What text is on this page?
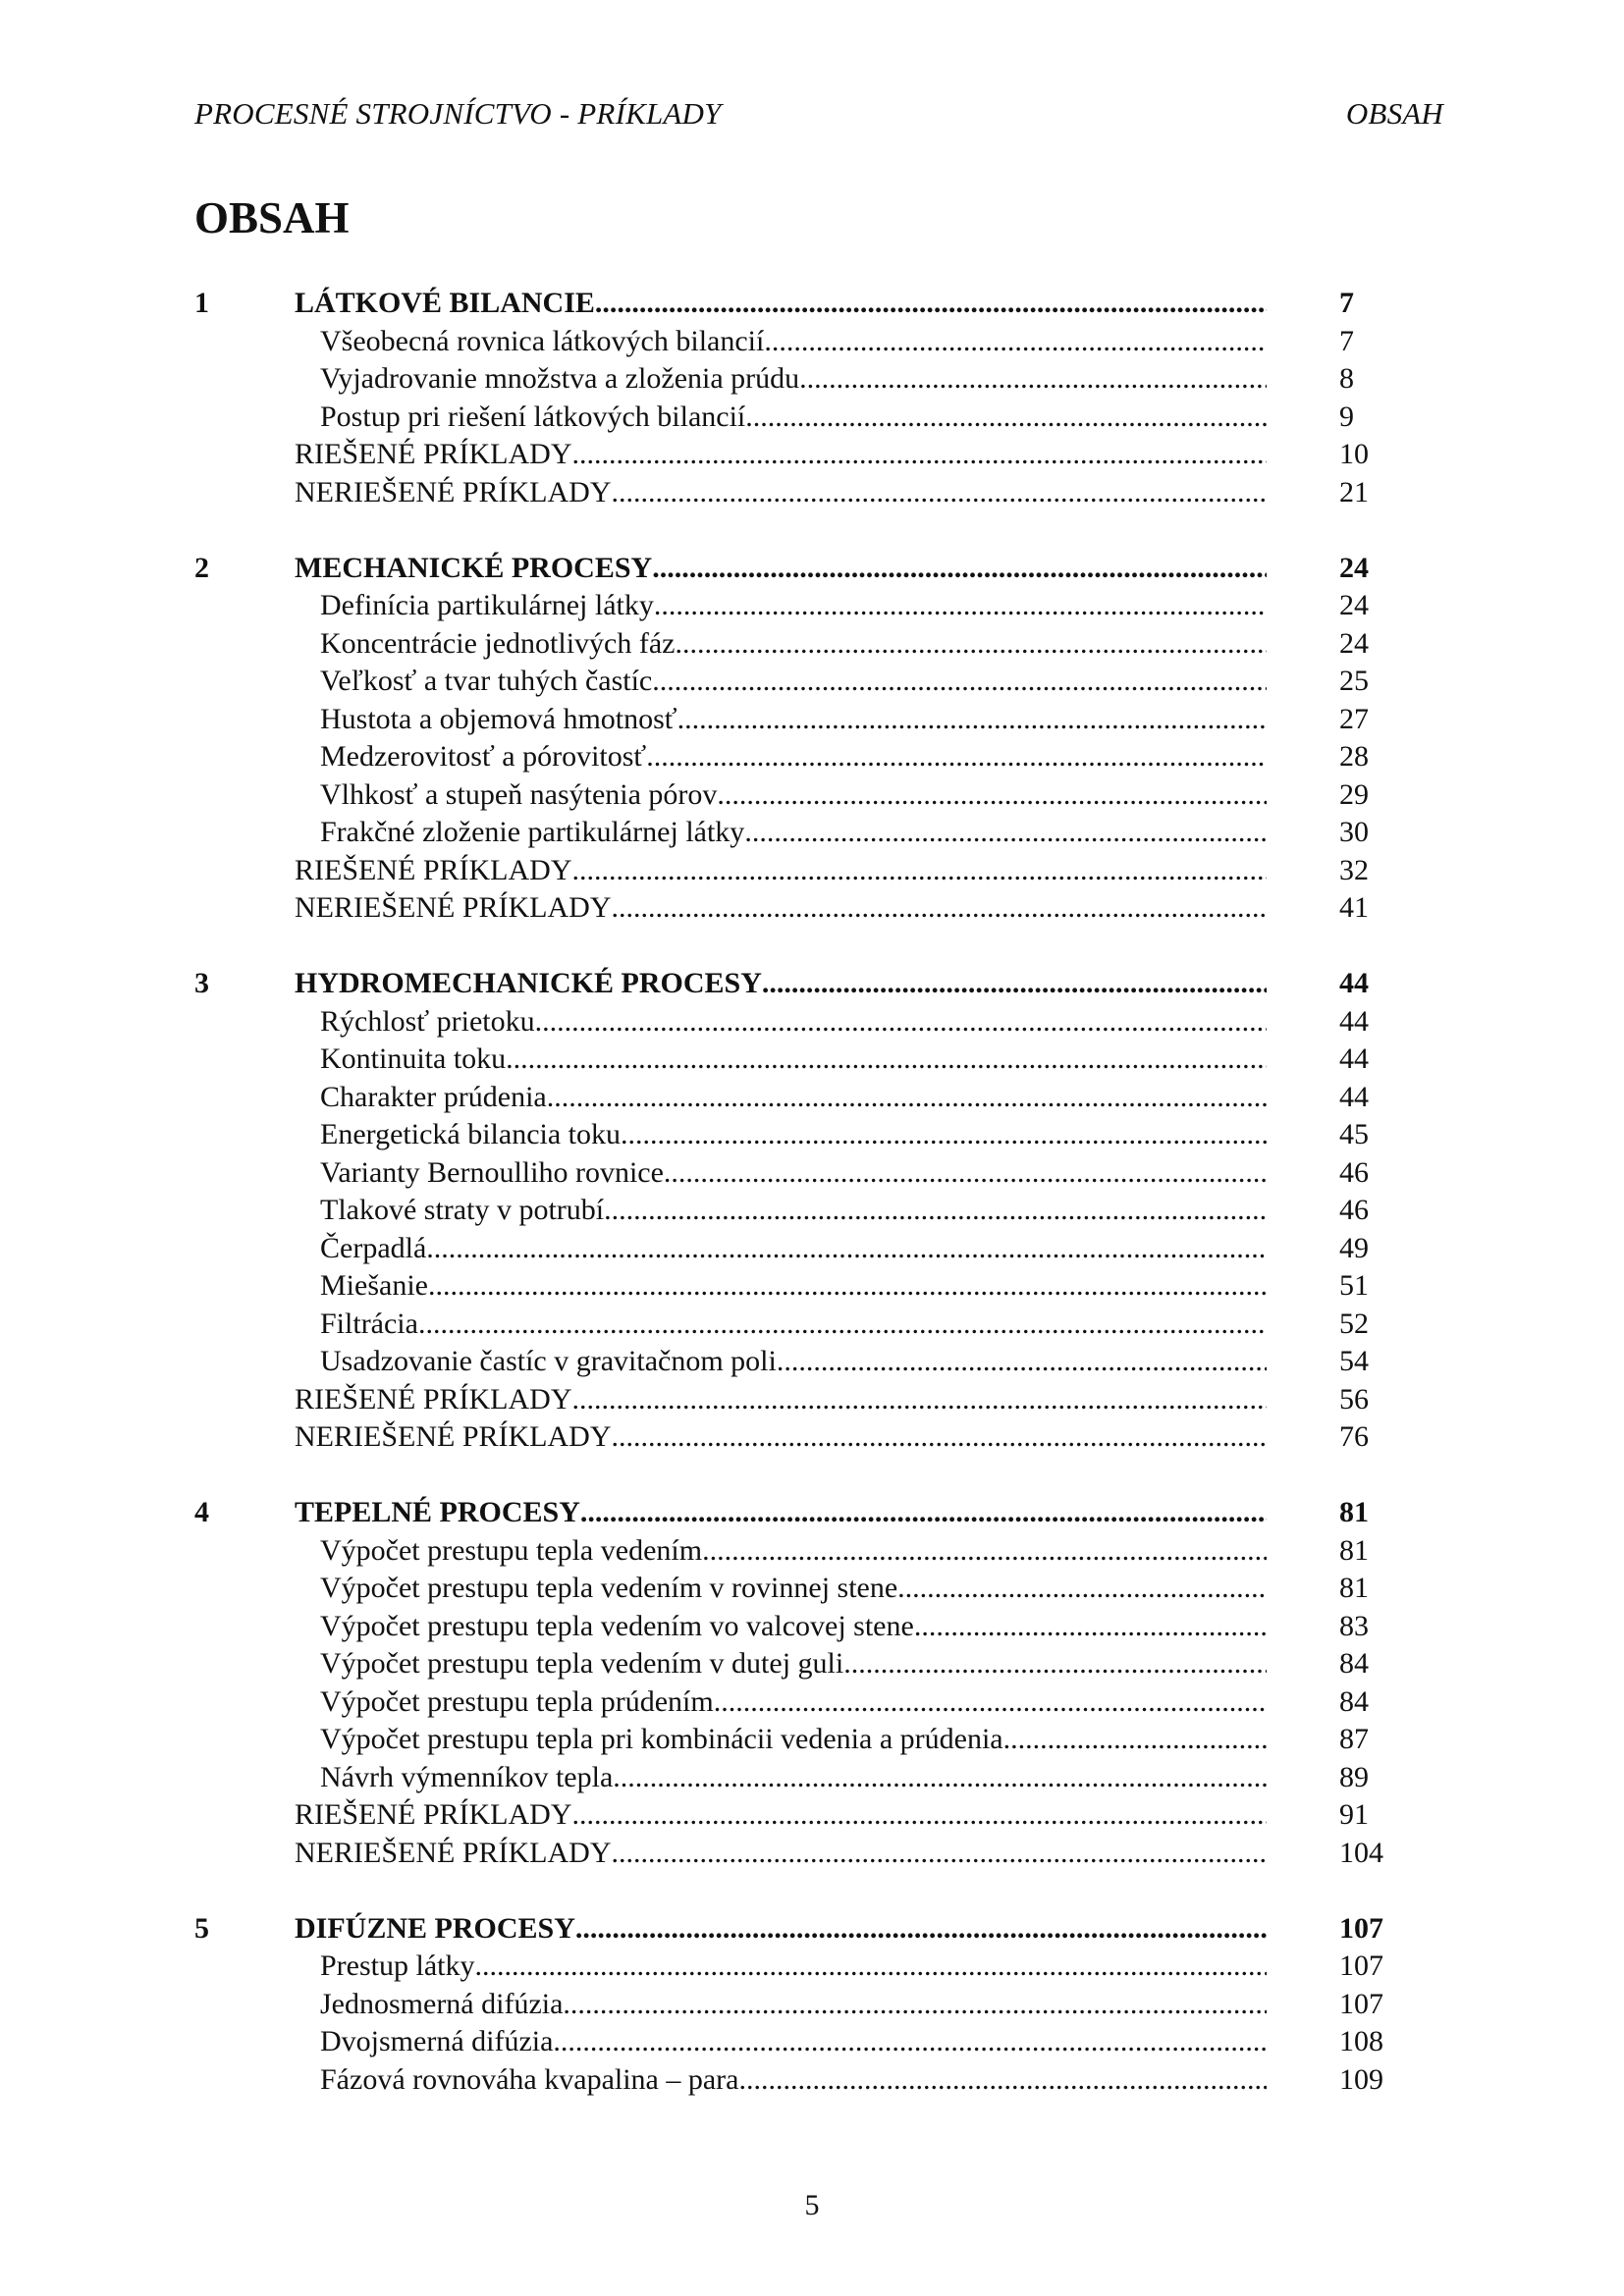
PROCESNÉ STROJNÍCTVO - PRÍKLADY	OBSAH
OBSAH
1	LÁTKOVÉ BILANCIE .....	7
Všeobecná rovnica látkových bilancií .....	7
Vyjadrovanie množstva a zloženia prúdu .....	8
Postup pri riešení látkových bilancií .....	9
RIEŠENÉ PRÍKLADY .....	10
NERIEŠENÉ PRÍKLADY .....	21
2	MECHANICKÉ PROCESY .....	24
Definícia partikulárnej látky .....	24
Koncentrácie jednotlivých fáz .....	24
Veľkosť a tvar tuhých častíc .....	25
Hustota a objemová hmotnosť .....	27
Medzerovitosť a pórovitosť .....	28
Vlhkosť a stupeň nasýtenia pórov .....	29
Frakčné zloženie partikulárnej látky .....	30
RIEŠENÉ PRÍKLADY .....	32
NERIEŠENÉ PRÍKLADY .....	41
3	HYDROMECHANICKÉ PROCESY .....	44
Rýchlosť prietoku .....	44
Kontinuita toku .....	44
Charakter prúdenia .....	44
Energetická bilancia toku .....	45
Varianty Bernoulliho rovnice .....	46
Tlakové straty v potrubí .....	46
Čerpadlá .....	49
Miešanie .....	51
Filtrácia .....	52
Usadzovanie častíc v gravitačnom poli .....	54
RIEŠENÉ PRÍKLADY .....	56
NERIEŠENÉ PRÍKLADY .....	76
4	TEPELNÉ PROCESY .....	81
Výpočet prestupu tepla vedením .....	81
Výpočet prestupu tepla vedením v rovinnej stene .....	81
Výpočet prestupu tepla vedením vo valcovej stene .....	83
Výpočet prestupu tepla vedením v dutej guli .....	84
Výpočet prestupu tepla prúdením .....	84
Výpočet prestupu tepla pri kombinácii vedenia a prúdenia .....	87
Návrh výmenníkov tepla .....	89
RIEŠENÉ PRÍKLADY .....	91
NERIEŠENÉ PRÍKLADY .....	104
5	DIFÚZNE PROCESY .....	107
Prestup látky .....	107
Jednosmerná difúzia .....	107
Dvojsmerná difúzia .....	108
Fázová rovnováha kvapalina – para .....	109
5
